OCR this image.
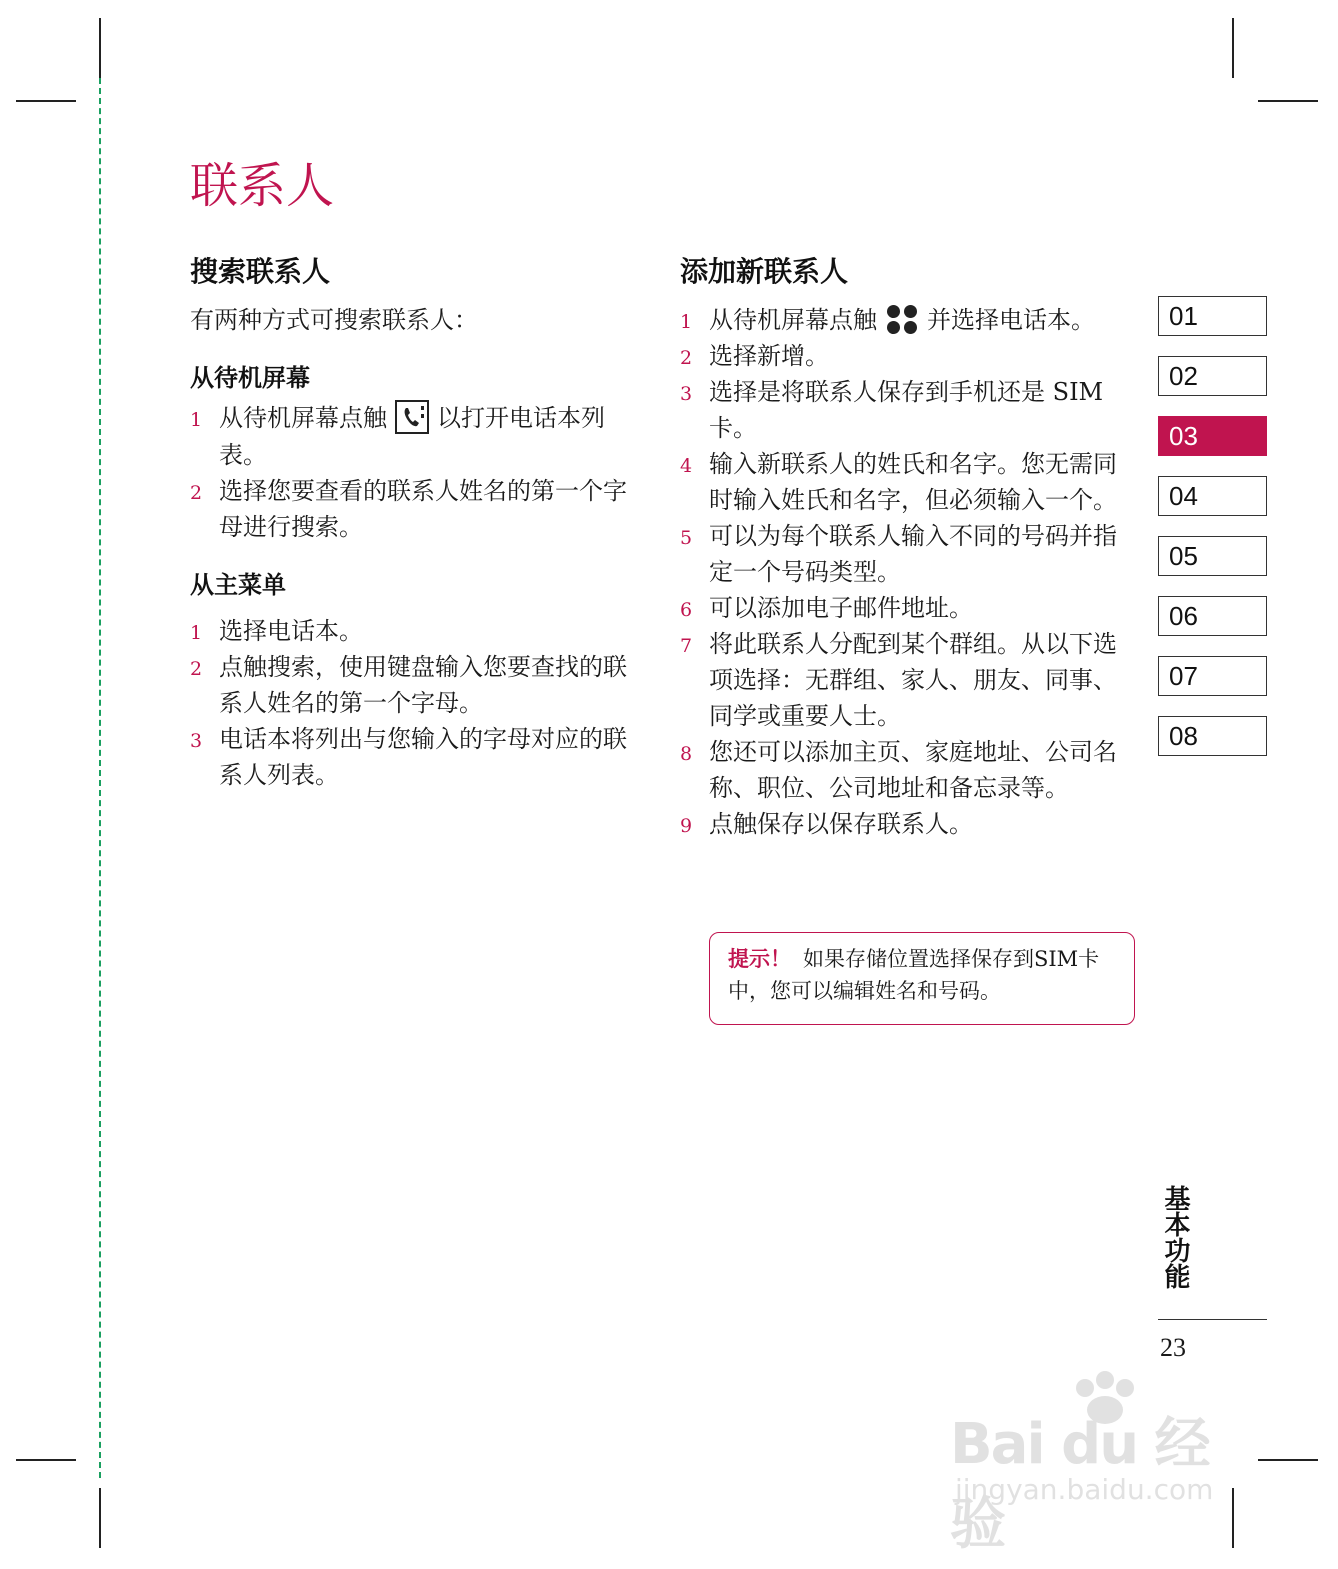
联系人
搜索联系人

有两种方式可搜索联系人：

从待机屏幕
1 从待机屏幕点触 以打开电话本列表。
2 选择您要查看的联系人姓名的第一个字母进行搜索。
从主菜单
1 选择电话本。
2 点触搜索，使用键盘输入您要查找的联系人姓名的第一个字母。
3 电话本将列出与您输入的字母对应的联系人列表。
添加新联系人
1 从待机屏幕点触 并选择电话本。
2 选择新增。
3 选择是将联系人保存到手机还是 SIM 卡。
4 输入新联系人的姓氏和名字。您无需同时输入姓氏和名字，但必须输入一个。
5 可以为每个联系人输入不同的号码并指定一个号码类型。
6 可以添加电子邮件地址。
7 将此联系人分配到某个群组。从以下选项选择：无群组、家人、朋友、同事、同学或重要人士。
8 您还可以添加主页、家庭地址、公司名称、职位、公司地址和备忘录等。
9 点触保存以保存联系人。
提示！ 如果存储位置选择保存到SIM卡中，您可以编辑姓名和号码。
01
02
03
04
05
06
07
08
基本功能
23
Bai du 经验
jingyan.baidu.com
